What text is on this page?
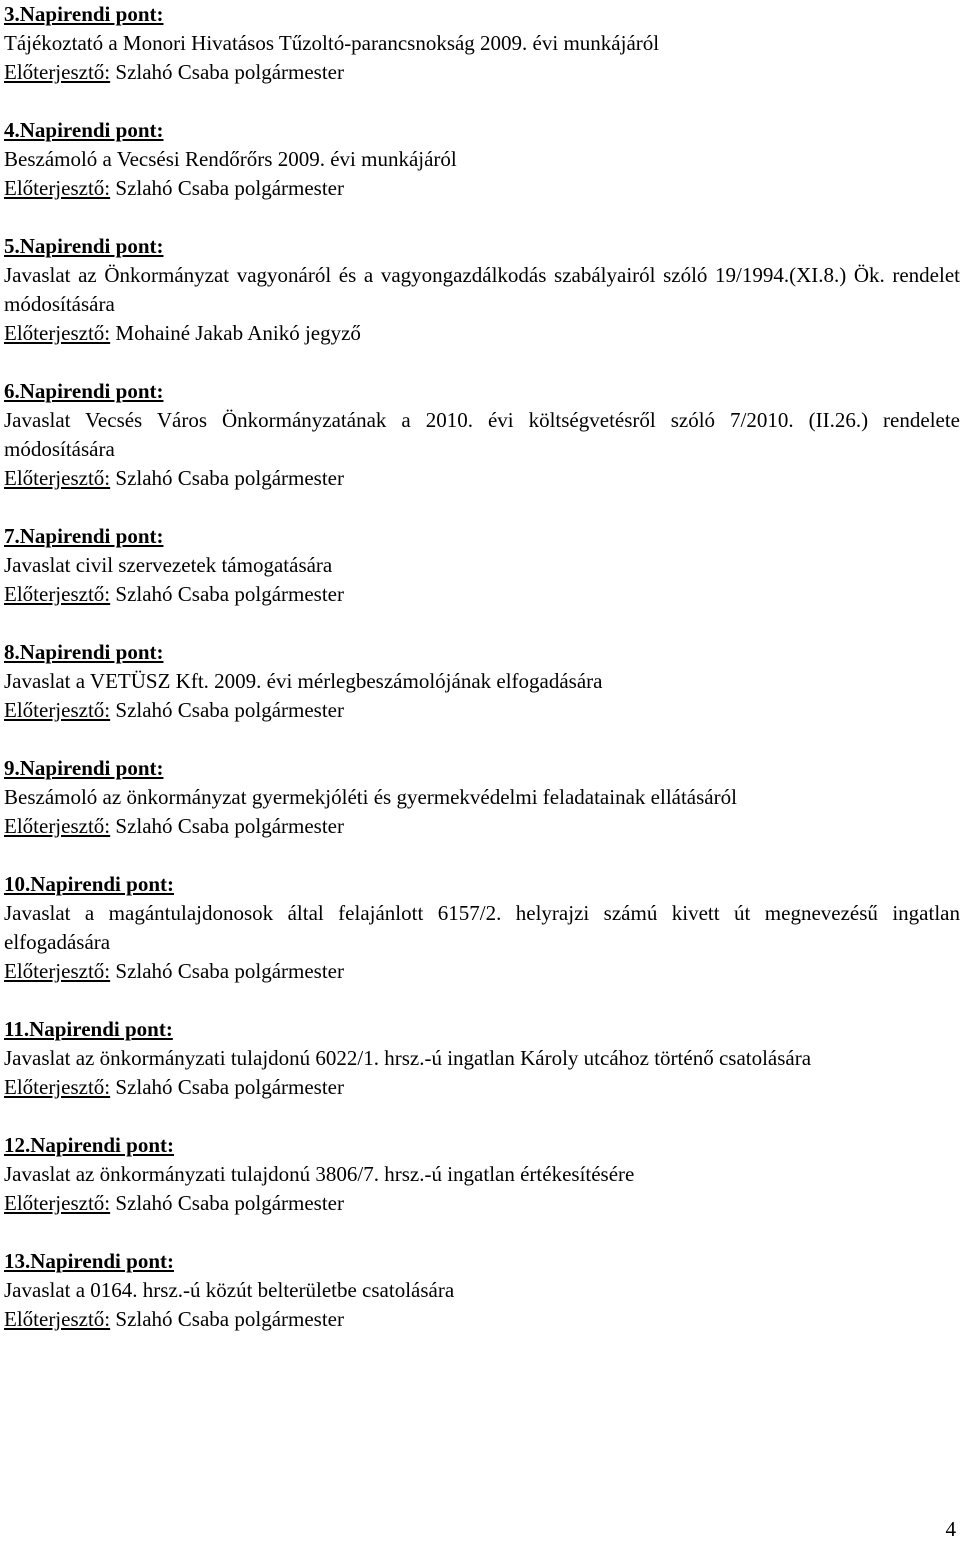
3.Napirendi pont:
Tájékoztató a Monori Hivatásos Tűzoltó-parancsnokság 2009. évi munkájáról
Előterjesztő: Szlahó Csaba polgármester
4.Napirendi pont:
Beszámoló a Vecsési Rendőrőrs 2009. évi munkájáról
Előterjesztő: Szlahó Csaba polgármester
5.Napirendi pont:
Javaslat az Önkormányzat vagyonáról és a vagyongazdálkodás szabályairól szóló 19/1994.(XI.8.) Ök. rendelet módosítására
Előterjesztő: Mohainé Jakab Anikó jegyző
6.Napirendi pont:
Javaslat Vecsés Város Önkormányzatának a 2010. évi költségvetésről szóló 7/2010. (II.26.) rendelete módosítására
Előterjesztő: Szlahó Csaba polgármester
7.Napirendi pont:
Javaslat civil szervezetek támogatására
Előterjesztő: Szlahó Csaba polgármester
8.Napirendi pont:
Javaslat a VETÜSZ Kft. 2009. évi mérlegbeszámolójának elfogadására
Előterjesztő: Szlahó Csaba polgármester
9.Napirendi pont:
Beszámoló az önkormányzat gyermekjóléti és gyermekvédelmi feladatainak ellátásáról
Előterjesztő: Szlahó Csaba polgármester
10.Napirendi pont:
Javaslat a magántulajdonosok által felajánlott 6157/2. helyrajzi számú kivett út megnevezésű ingatlan elfogadására
Előterjesztő: Szlahó Csaba polgármester
11.Napirendi pont:
Javaslat az önkormányzati tulajdonú 6022/1. hrsz.-ú ingatlan Károly utcához történő csatolására
Előterjesztő: Szlahó Csaba polgármester
12.Napirendi pont:
Javaslat az önkormányzati tulajdonú 3806/7. hrsz.-ú ingatlan értékesítésére
Előterjesztő: Szlahó Csaba polgármester
13.Napirendi pont:
Javaslat a 0164. hrsz.-ú közút belterületbe csatolására
Előterjesztő: Szlahó Csaba polgármester
4
